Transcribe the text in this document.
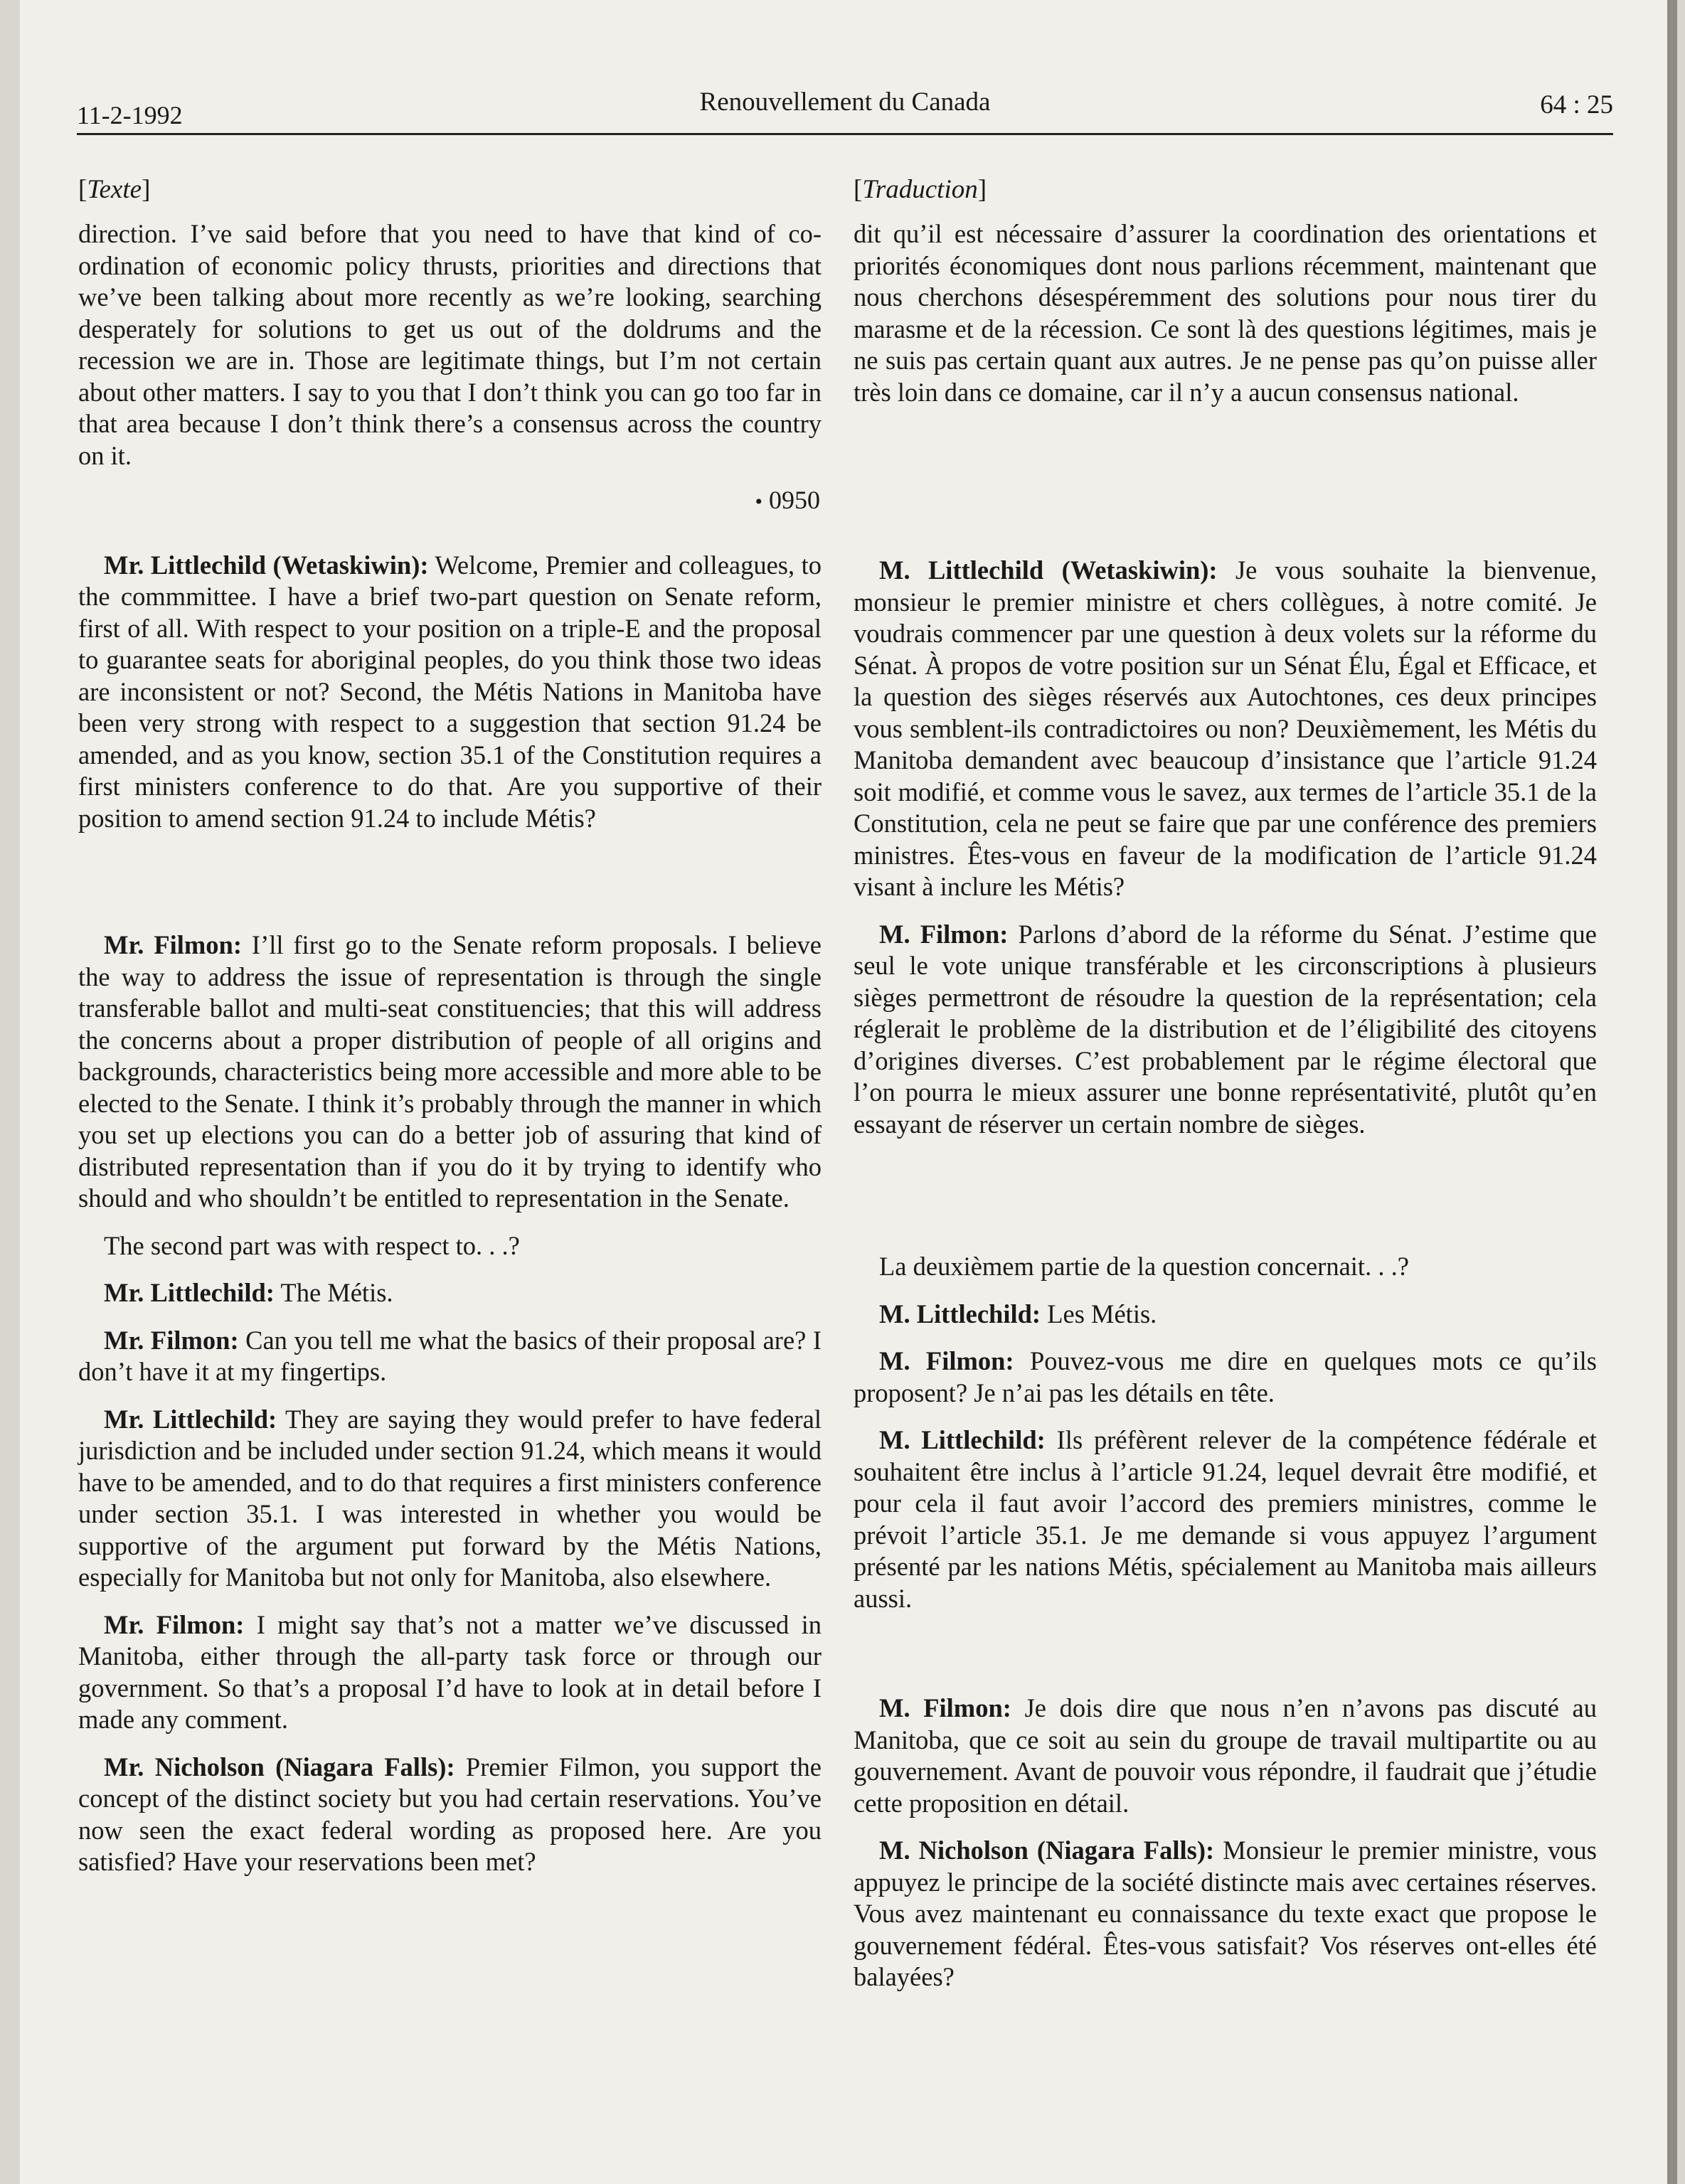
11-2-1992	Renouvellement du Canada	64 : 25
[Texte]

direction. I’ve said before that you need to have that kind of co-ordination of economic policy thrusts, priorities and directions that we’ve been talking about more recently as we’re looking, searching desperately for solutions to get us out of the doldrums and the recession we are in. Those are legitimate things, but I’m not certain about other matters. I say to you that I don’t think you can go too far in that area because I don’t think there’s a consensus across the country on it.

• 0950

Mr. Littlechild (Wetaskiwin): Welcome, Premier and colleagues, to the commmittee. I have a brief two-part question on Senate reform, first of all. With respect to your position on a triple-E and the proposal to guarantee seats for aboriginal peoples, do you think those two ideas are inconsistent or not? Second, the Métis Nations in Manitoba have been very strong with respect to a suggestion that section 91.24 be amended, and as you know, section 35.1 of the Constitution requires a first ministers conference to do that. Are you supportive of their position to amend section 91.24 to include Métis?

Mr. Filmon: I’ll first go to the Senate reform proposals. I believe the way to address the issue of representation is through the single transferable ballot and multi-seat constituencies; that this will address the concerns about a proper distribution of people of all origins and backgrounds, characteristics being more accessible and more able to be elected to the Senate. I think it’s probably through the manner in which you set up elections you can do a better job of assuring that kind of distributed representation than if you do it by trying to identify who should and who shouldn’t be entitled to representation in the Senate.

The second part was with respect to. . .?

Mr. Littlechild: The Métis.

Mr. Filmon: Can you tell me what the basics of their proposal are? I don’t have it at my fingertips.

Mr. Littlechild: They are saying they would prefer to have federal jurisdiction and be included under section 91.24, which means it would have to be amended, and to do that requires a first ministers conference under section 35.1. I was interested in whether you would be supportive of the argument put forward by the Métis Nations, especially for Manitoba but not only for Manitoba, also elsewhere.

Mr. Filmon: I might say that’s not a matter we’ve discussed in Manitoba, either through the all-party task force or through our government. So that’s a proposal I’d have to look at in detail before I made any comment.

Mr. Nicholson (Niagara Falls): Premier Filmon, you support the concept of the distinct society but you had certain reservations. You’ve now seen the exact federal wording as proposed here. Are you satisfied? Have your reservations been met?

[Traduction]

dit qu’il est nécessaire d’assurer la coordination des orientations et priorités économiques dont nous parlions récemment, maintenant que nous cherchons désespéremment des solutions pour nous tirer du marasme et de la récession. Ce sont là des questions légitimes, mais je ne suis pas certain quant aux autres. Je ne pense pas qu’on puisse aller très loin dans ce domaine, car il n’y a aucun consensus national.

M. Littlechild (Wetaskiwin): Je vous souhaite la bienvenue, monsieur le premier ministre et chers collègues, à notre comité. Je voudrais commencer par une question à deux volets sur la réforme du Sénat. À propos de votre position sur un Sénat Élu, Égal et Efficace, et la question des sièges réservés aux Autochtones, ces deux principes vous semblent-ils contradictoires ou non? Deuxièmement, les Métis du Manitoba demandent avec beaucoup d’insistance que l’article 91.24 soit modifié, et comme vous le savez, aux termes de l’article 35.1 de la Constitution, cela ne peut se faire que par une conférence des premiers ministres. Êtes-vous en faveur de la modification de l’article 91.24 visant à inclure les Métis?

M. Filmon: Parlons d’abord de la réforme du Sénat. J’estime que seul le vote unique transférable et les circonscriptions à plusieurs sièges permettront de résoudre la question de la représentation; cela réglerait le problème de la distribution et de l’éligibilité des citoyens d’origines diverses. C’est probablement par le régime électoral que l’on pourra le mieux assurer une bonne représentativité, plutôt qu’en essayant de réserver un certain nombre de sièges.

La deuxièmem partie de la question concernait. . .?

M. Littlechild: Les Métis.

M. Filmon: Pouvez-vous me dire en quelques mots ce qu’ils proposent? Je n’ai pas les détails en tête.

M. Littlechild: Ils préfèrent relever de la compétence fédérale et souhaitent être inclus à l’article 91.24, lequel devrait être modifié, et pour cela il faut avoir l’accord des premiers ministres, comme le prévoit l’article 35.1. Je me demande si vous appuyez l’argument présenté par les nations Métis, spécialement au Manitoba mais ailleurs aussi.

M. Filmon: Je dois dire que nous n’en n’avons pas discuté au Manitoba, que ce soit au sein du groupe de travail multipartite ou au gouvernement. Avant de pouvoir vous répondre, il faudrait que j’étudie cette proposition en détail.

M. Nicholson (Niagara Falls): Monsieur le premier ministre, vous appuyez le principe de la société distincte mais avec certaines réserves. Vous avez maintenant eu connaissance du texte exact que propose le gouvernement fédéral. Êtes-vous satisfait? Vos réserves ont-elles été balayées?
